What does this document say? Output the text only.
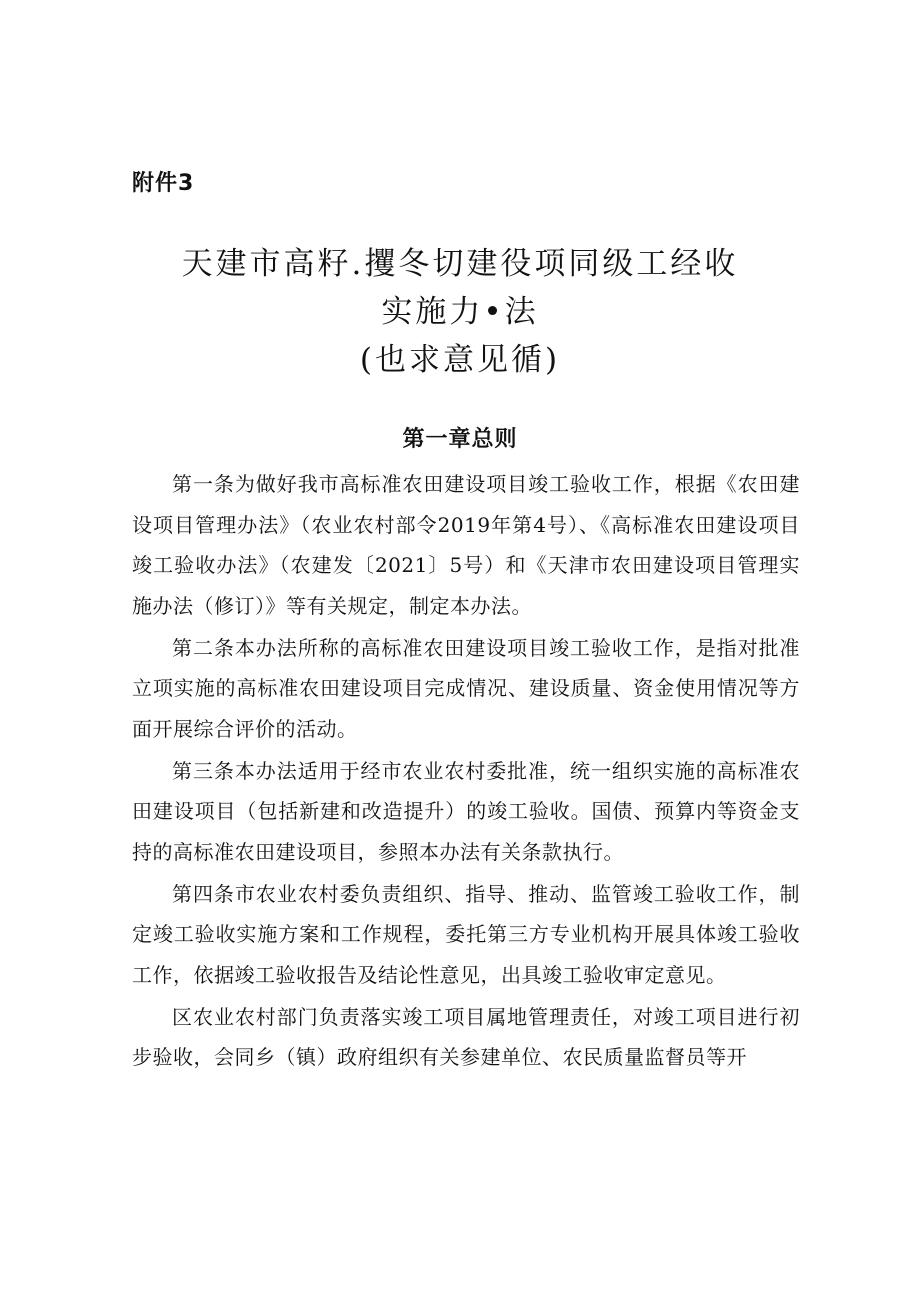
附件3
天建市高籽.攫冬切建役项同级工经收
实施力•法
(也求意见循)
第一章总则

第一条为做好我市高标准农田建设项目竣工验收工作，根据《农田建设项目管理办法》（农业农村部令2019年第4号）、《高标准农田建设项目竣工验收办法》（农建发〔2021〕5号）和《天津市农田建设项目管理实施办法（修订）》等有关规定，制定本办法。

第二条本办法所称的高标准农田建设项目竣工验收工作，是指对批准立项实施的高标准农田建设项目完成情况、建设质量、资金使用情况等方面开展综合评价的活动。

第三条本办法适用于经市农业农村委批准，统一组织实施的高标准农田建设项目（包括新建和改造提升）的竣工验收。国债、预算内等资金支持的高标准农田建设项目，参照本办法有关条款执行。

第四条市农业农村委负责组织、指导、推动、监管竣工验收工作，制定竣工验收实施方案和工作规程，委托第三方专业机构开展具体竣工验收工作，依据竣工验收报告及结论性意见，出具竣工验收审定意见。

区农业农村部门负责落实竣工项目属地管理责任，对竣工项目进行初步验收，会同乡（镇）政府组织有关参建单位、农民质量监督员等开
